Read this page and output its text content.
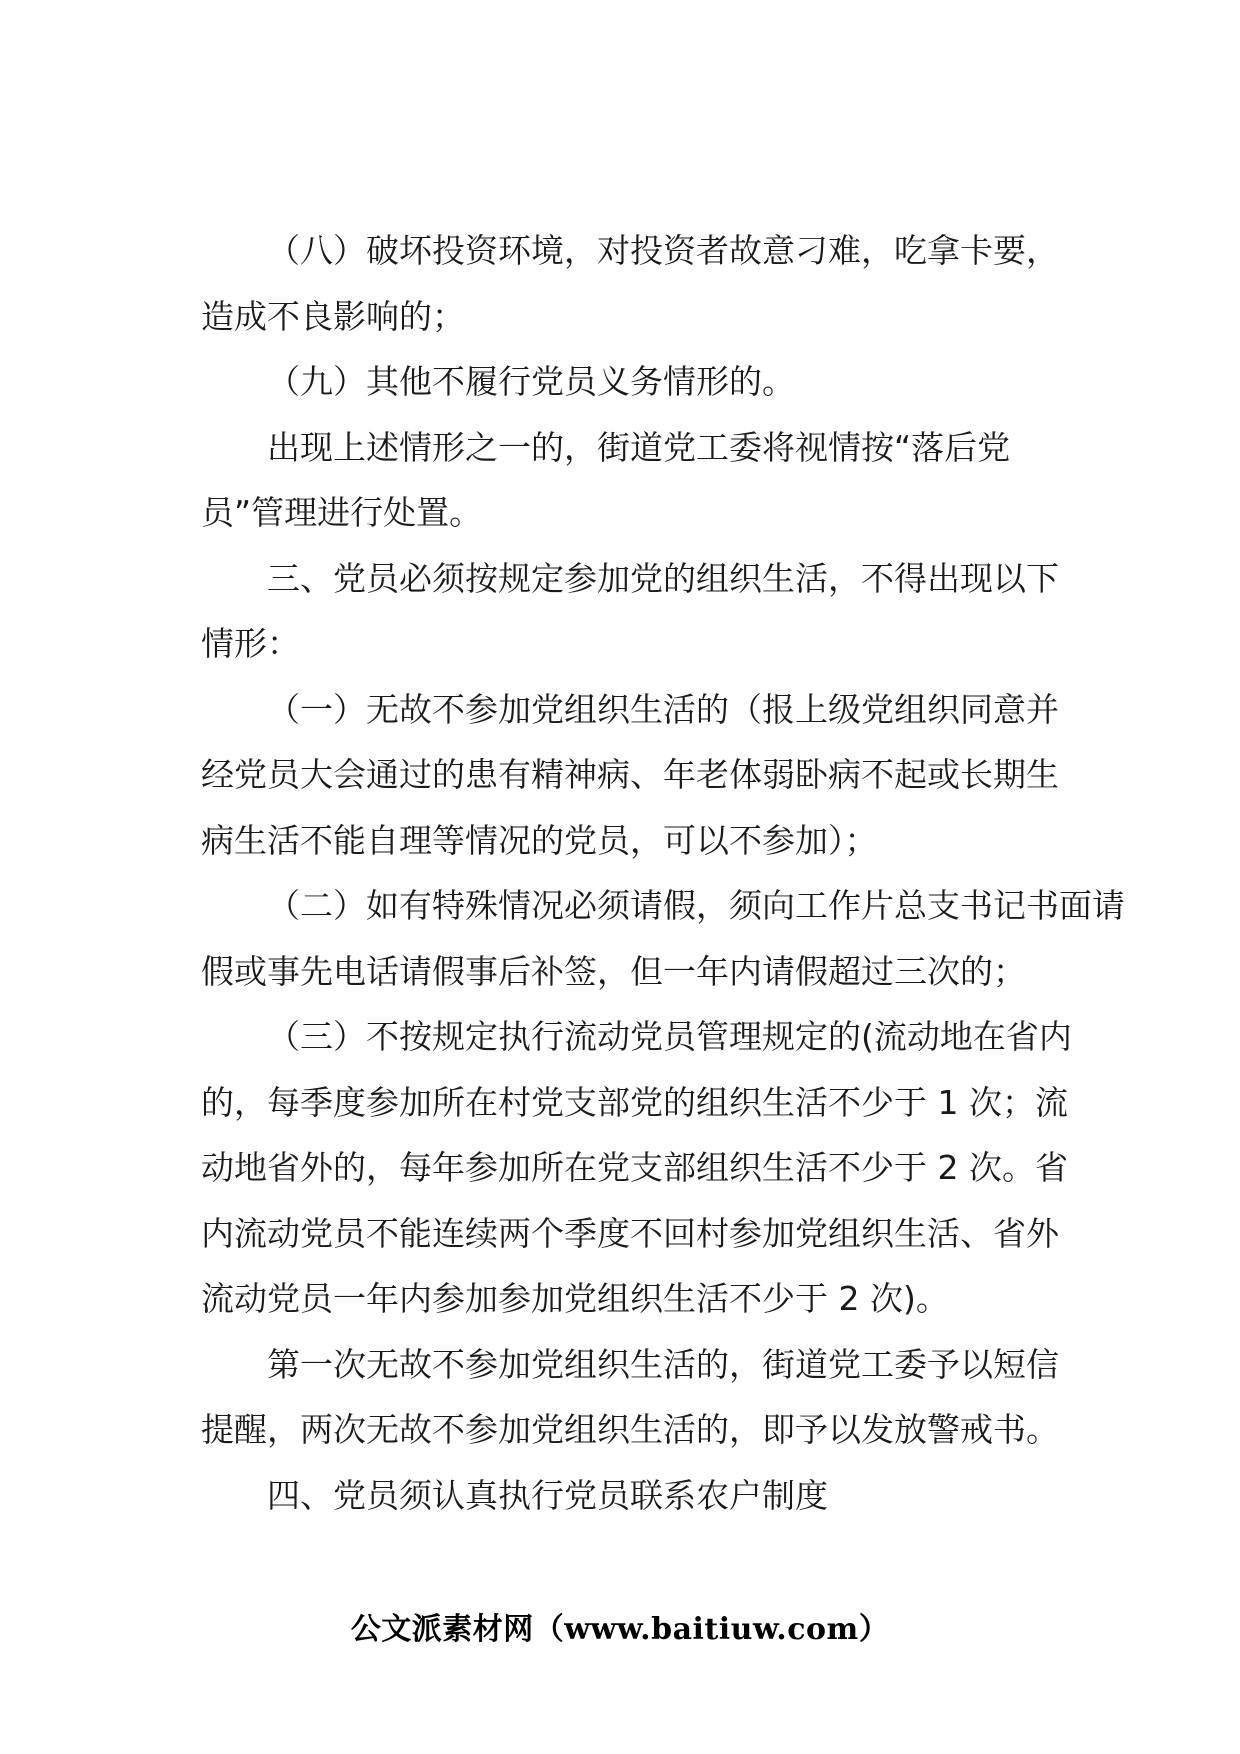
（八）破坏投资环境，对投资者故意刁难，吃拿卡要，造成不良影响的；

（九）其他不履行党员义务情形的。

出现上述情形之一的，街道党工委将视情按“落后党员”管理进行处置。

三、党员必须按规定参加党的组织生活，不得出现以下情形：

（一）无故不参加党组织生活的（报上级党组织同意并经党员大会通过的患有精神病、年老体弱卧病不起或长期生病生活不能自理等情况的党员，可以不参加）；

（二）如有特殊情况必须请假，须向工作片总支书记书面请假或事先电话请假事后补签，但一年内请假超过三次的；

（三）不按规定执行流动党员管理规定的(流动地在省内的，每季度参加所在村党支部党的组织生活不少于 1 次；流动地省外的，每年参加所在党支部组织生活不少于 2 次。省内流动党员不能连续两个季度不回村参加党组织生活、省外流动党员一年内参加参加党组织生活不少于 2 次)。

第一次无故不参加党组织生活的，街道党工委予以短信提醒，两次无故不参加党组织生活的，即予以发放警戒书。

四、党员须认真执行党员联系农户制度

公文派素材网（www.baitiuw.com）
